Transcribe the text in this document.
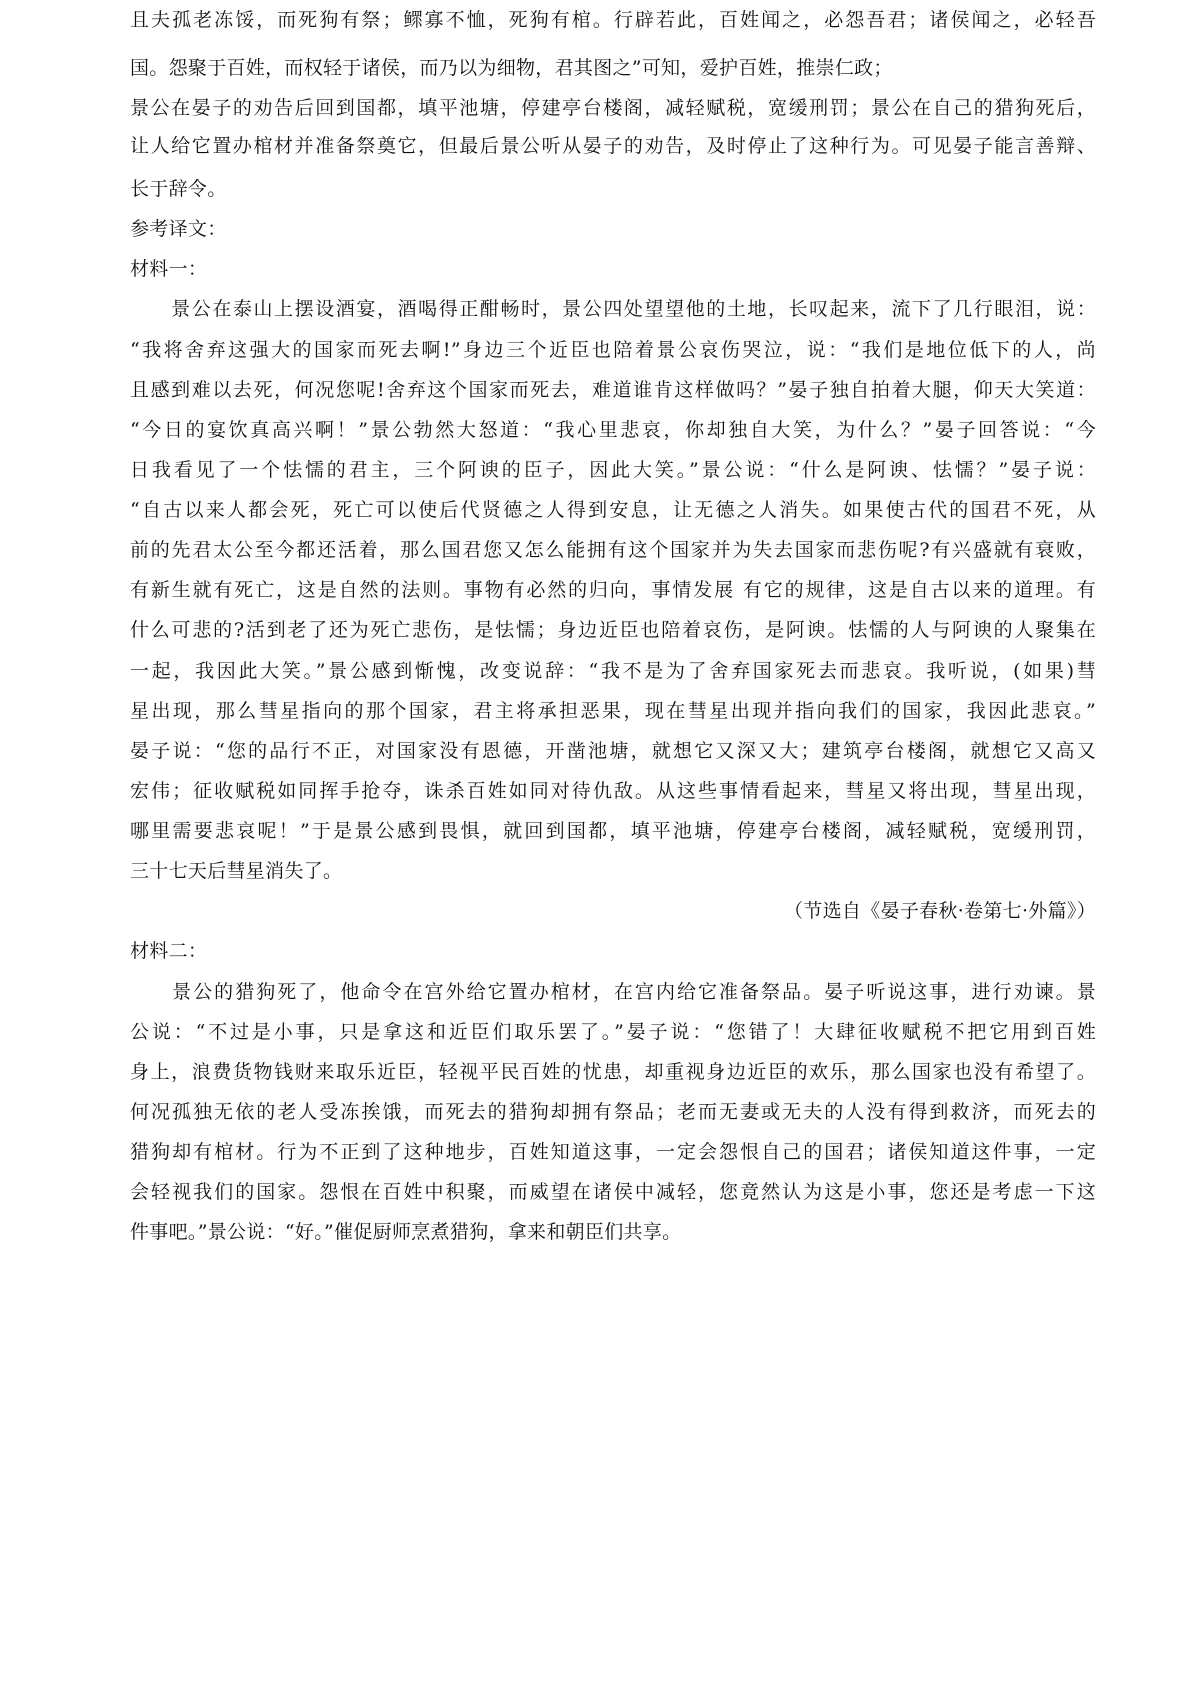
且夫孤老冻馁，而死狗有祭；鳏寡不恤，死狗有棺。行辟若此，百姓闻之，必怨吾君；诸侯闻之，必轻吾
国。怨聚于百姓，而权轻于诸侯，而乃以为细物，君其图之”可知，爱护百姓，推崇仁政；
景公在晏子的劝告后回到国都，填平池塘，停建亭台楼阁，减轻赋税，宽缓刑罚；景公在自己的猎狗死后，
让人给它置办棺材并准备祭奠它，但最后景公听从晏子的劝告，及时停止了这种行为。可见晏子能言善辩、
长于辞令。
参考译文：
材料一：
　　景公在泰山上摆设酒宴，酒喝得正酣畅时，景公四处望望他的土地，长叹起来，流下了几行眼泪，说：
“我将舍弃这强大的国家而死去啊!”身边三个近臣也陪着景公哀伤哭泣，说：“我们是地位低下的人，尚
且感到难以去死，何况您呢!舍弃这个国家而死去，难道谁肯这样做吗？”晏子独自拍着大腿，仰天大笑道：
“今日的宴饮真高兴啊！”景公勃然大怒道：“我心里悲哀，你却独自大笑，为什么？”晏子回答说：“今
日我看见了一个怯懦的君主，三个阿谀的臣子，因此大笑。”景公说：“什么是阿谀、怯懦？”晏子说：
“自古以来人都会死，死亡可以使后代贤德之人得到安息，让无德之人消失。如果使古代的国君不死，从
前的先君太公至今都还活着，那么国君您又怎么能拥有这个国家并为失去国家而悲伤呢?有兴盛就有衰败，
有新生就有死亡，这是自然的法则。事物有必然的归向，事情发展 有它的规律，这是自古以来的道理。有
什么可悲的?活到老了还为死亡悲伤，是怯懦；身边近臣也陪着哀伤，是阿谀。怯懦的人与阿谀的人聚集在
一起，我因此大笑。”景公感到惭愧，改变说辞：“我不是为了舍弃国家死去而悲哀。我听说，(如果)彗
星出现，那么彗星指向的那个国家，君主将承担恶果，现在彗星出现并指向我们的国家，我因此悲哀。”
晏子说：“您的品行不正，对国家没有恩德，开凿池塘，就想它又深又大；建筑亭台楼阁，就想它又高又
宏伟；征收赋税如同挥手抢夺，诛杀百姓如同对待仇敌。从这些事情看起来，彗星又将出现，彗星出现，
哪里需要悲哀呢！”于是景公感到畏惧，就回到国都，填平池塘，停建亭台楼阁，减轻赋税，宽缓刑罚，
三十七天后彗星消失了。
（节选自《晏子春秋·卷第七·外篇》）
材料二：
　　景公的猎狗死了，他命令在宫外给它置办棺材，在宫内给它准备祭品。晏子听说这事，进行劝谏。景
公说：“不过是小事，只是拿这和近臣们取乐罢了。”晏子说：“您错了！大肆征收赋税不把它用到百姓
身上，浪费货物钱财来取乐近臣，轻视平民百姓的忧患，却重视身边近臣的欢乐，那么国家也没有希望了。
何况孤独无依的老人受冻挨饿，而死去的猎狗却拥有祭品；老而无妻或无夫的人没有得到救济，而死去的
猎狗却有棺材。行为不正到了这种地步，百姓知道这事，一定会怨恨自己的国君；诸侯知道这件事，一定
会轻视我们的国家。怨恨在百姓中积聚，而威望在诸侯中减轻，您竟然认为这是小事，您还是考虑一下这
件事吧。”景公说：“好。”催促厨师烹煮猎狗，拿来和朝臣们共享。
